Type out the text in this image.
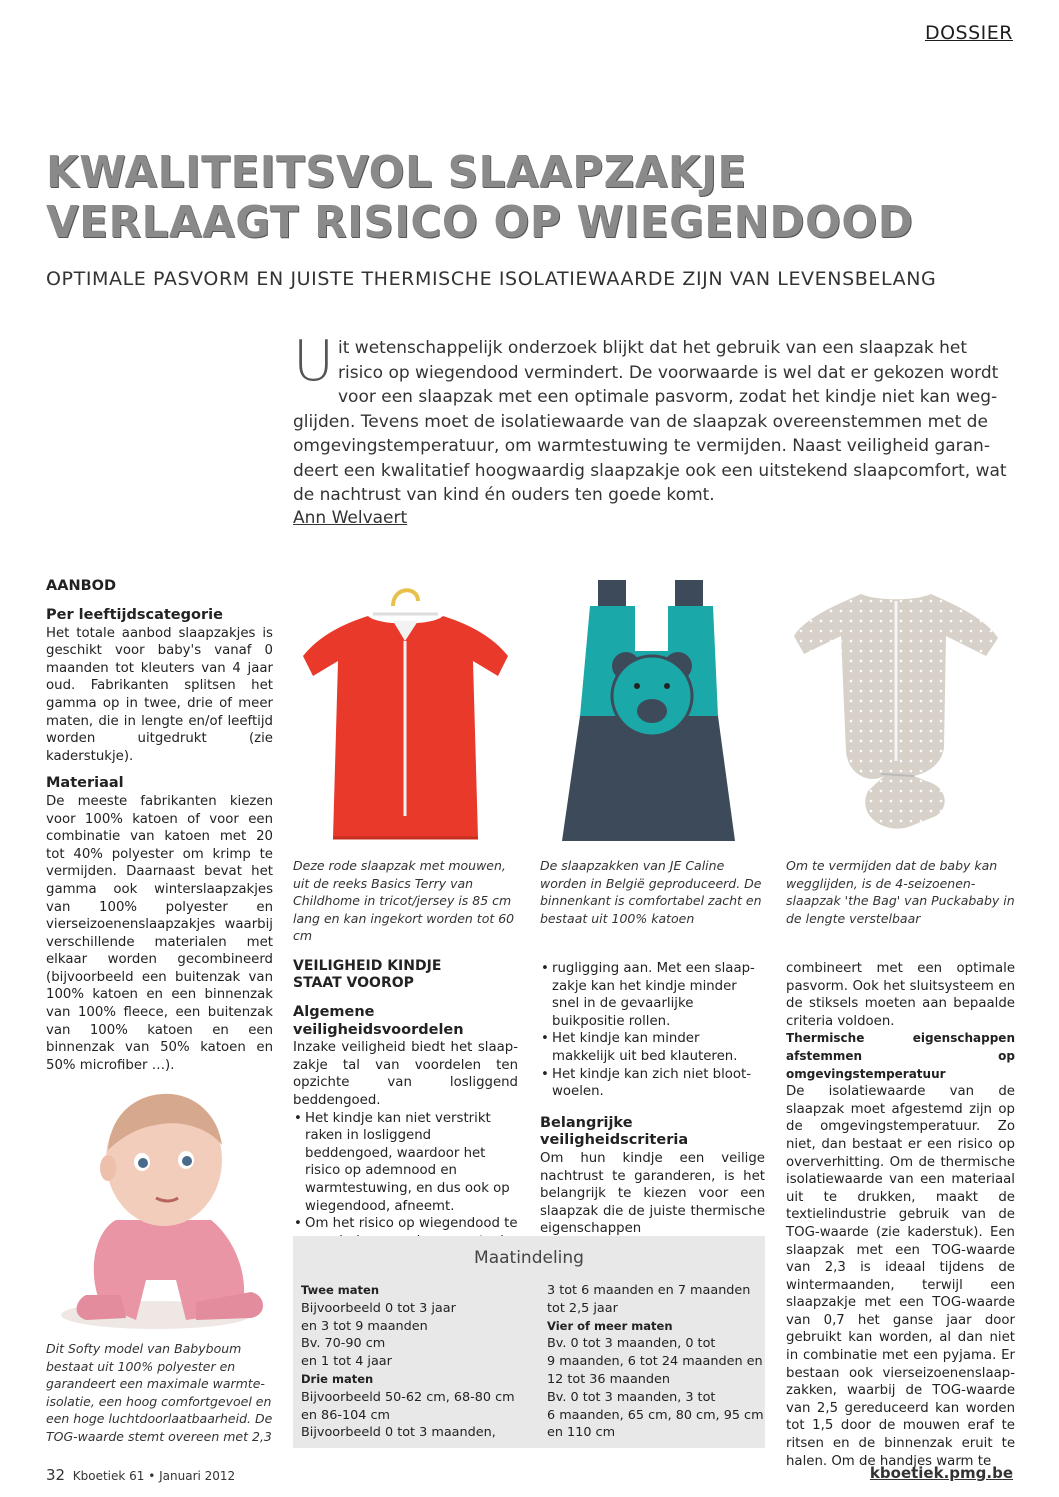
DOSSIER
KWALITEITSVOL SLAAPZAKJE
VERLAAGT RISICO OP WIEGENDOOD
OPTIMALE PASVORM EN JUISTE THERMISCHE ISOLATIEWAARDE ZIJN VAN LEVENSBELANG
Uit wetenschappelijk onderzoek blijkt dat het gebruik van een slaapzak het risico op wiegendood vermindert. De voorwaarde is wel dat er gekozen wordt voor een slaapzak met een optimale pasvorm, zodat het kindje niet kan wegglijden. Tevens moet de isolatiewaarde van de slaapzak overeenstemmen met de omgevingstemperatuur, om warmtestuwing te vermijden. Naast veiligheid garandeert een kwalitatief hoogwaardig slaapzakje ook een uitstekend slaapcomfort, wat de nachtrust van kind én ouders ten goede komt.
Ann Welvaert

AANBOD

Per leeftijdscategorie

Het totale aanbod slaapzakjes is geschikt voor baby's vanaf 0 maanden tot kleuters van 4 jaar oud. Fabrikanten splitsen het gamma op in twee, drie of meer maten, die in lengte en/of leeftijd worden uitgedrukt (zie kaderstukje).

Materiaal

De meeste fabrikanten kiezen voor 100% katoen of voor een combinatie van katoen met 20 tot 40% polyester om krimp te vermijden. Daarnaast bevat het gamma ook winterslaapzakjes van 100% polyester en vierseizoenenslaapzakjes waarbij verschillende materialen met elkaar worden gecombineerd (bijvoorbeeld een buitenzak van 100% katoen en een binnenzak van 100% fleece, een buitenzak van 100% katoen en een binnenzak van 50% katoen en 50% microfiber …).

Dit Softy model van Babyboum bestaat uit 100% polyester en garandeert een maximale warmteisolatie, een hoog comfortgevoel en een hoge luchtdoorlaatbaarheid. De TOG-waarde stemt overeen met 2,3
Deze rode slaapzak met mouwen, uit de reeks Basics Terry van Childhome in tricot/jersey is 85 cm lang en kan ingekort worden tot 60 cm
De slaapzakken van JE Caline worden in België geproduceerd. De binnenkant is comfortabel zacht en bestaat uit 100% katoen
Om te vermijden dat de baby kan wegglijden, is de 4-seizoenenslaapzak 'the Bag' van Puckababy in de lengte verstelbaar

VEILIGHEID KINDJE STAAT VOOROP

Algemene veiligheidsvoordelen

Inzake veiligheid biedt het slaapzakje tal van voordelen ten opzichte van losliggend beddengoed.

• Het kindje kan niet verstrikt raken in losliggend beddengoed, waardoor het risico op ademnood en warmtestuwing, en dus ook op wiegendood, afneemt.
• Om het risico op wiegendood te
• rugligging aan. Met een slaapzakje kan het kindje minder snel in de gevaarlijke buikpositie rollen.
• Het kindje kan minder makkelijk uit bed klauteren.
• Het kindje kan zich niet blootwoelen.

Belangrijke veiligheidscriteria

Om hun kindje een veilige nachtrust te garanderen, is het belangrijk te kiezen voor een slaapzak die de juiste thermische eigenschappen

combineert met een optimale pasvorm. Ook het sluitsysteem en de stiksels moeten aan bepaalde criteria voldoen.

Thermische eigenschappen afstemmen op omgevingstemperatuur

De isolatiewaarde van de slaapzak moet afgestemd zijn op de omgevingstemperatuur. Zo niet, dan bestaat er een risico op oververhitting. Om de thermische isolatiewaarde van een materiaal uit te drukken, maakt de textielindustrie gebruik van de TOG-waarde (zie kaderstuk). Een slaapzak met een TOG-waarde van 2,3 is ideaal tijdens de wintermaanden, terwijl een slaapzakje met een TOG-waarde van 0,7 het ganse jaar door gebruikt kan worden, al dan niet in combinatie met een pyjama. Er bestaan ook vierseizoenenslaapzakken, waarbij de TOG-waarde van 2,5 gereduceerd kan worden tot 1,5 door de mouwen eraf te ritsen en de binnenzak eruit te halen. Om de handjes warm te

Maatindeling
Twee maten
Bijvoorbeeld 0 tot 3 jaar
en 3 tot 9 maanden
Bv. 70-90 cm
en 1 tot 4 jaar
Drie maten
Bijvoorbeeld 50-62 cm, 68-80 cm
en 86-104 cm
Bijvoorbeeld 0 tot 3 maanden,
3 tot 6 maanden en 7 maanden
tot 2,5 jaar
Vier of meer maten
Bv. 0 tot 3 maanden, 0 tot
9 maanden, 6 tot 24 maanden en
12 tot 36 maanden
Bv. 0 tot 3 maanden, 3 tot
6 maanden, 65 cm, 80 cm, 95 cm
en 110 cm
32 Kboetiek 61 • Januari 2012	kboetiek.pmg.be
